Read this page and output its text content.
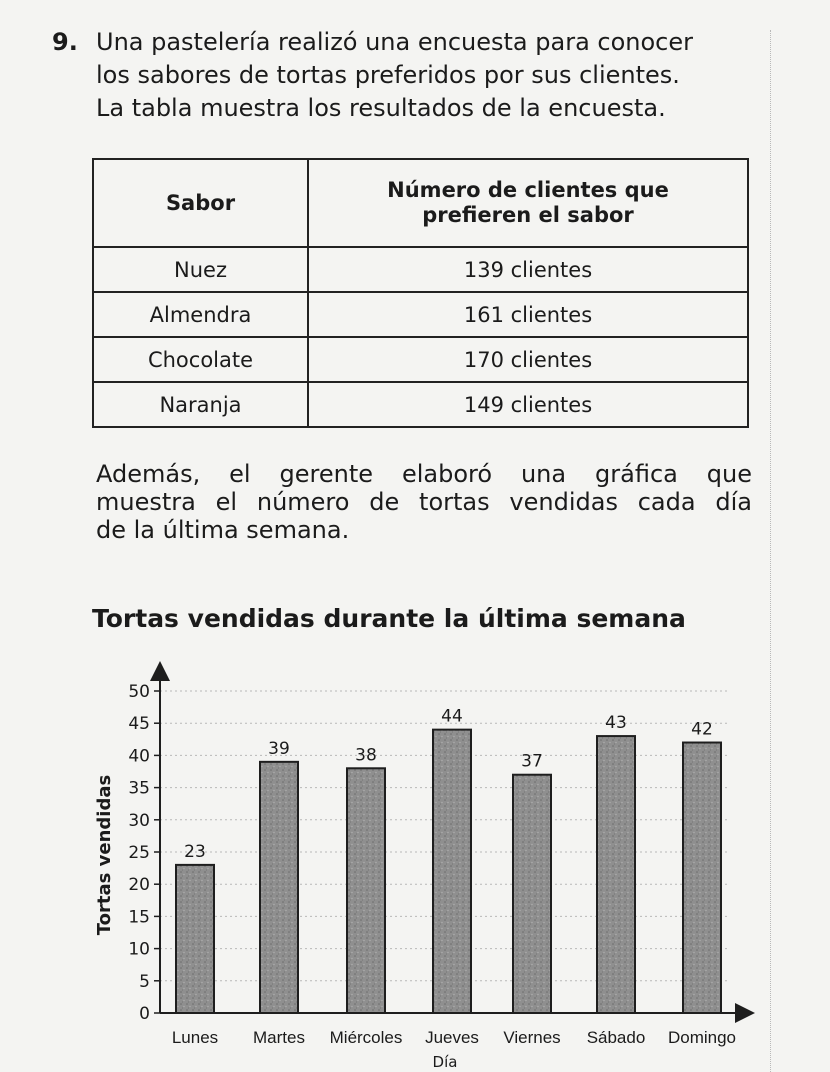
9. Una pastelería realizó una encuesta para conocer
los sabores de tortas preferidos por sus clientes.
La tabla muestra los resultados de la encuesta.
Sabor	Número de clientes que
prefieren el sabor
Nuez	139 clientes
Almendra	161 clientes
Chocolate	170 clientes
Naranja	149 clientes
Además, el gerente elaboró una gráfica que
muestra el número de tortas vendidas cada día
de la última semana.
Tortas vendidas durante la última semana
0
5
10
15
20
25
30
35
40
45
50
23
Lunes
39
Martes
38
Miércoles
44
Jueves
37
Viernes
43
Sábado
42
Domingo
Tortas vendidas
Día
